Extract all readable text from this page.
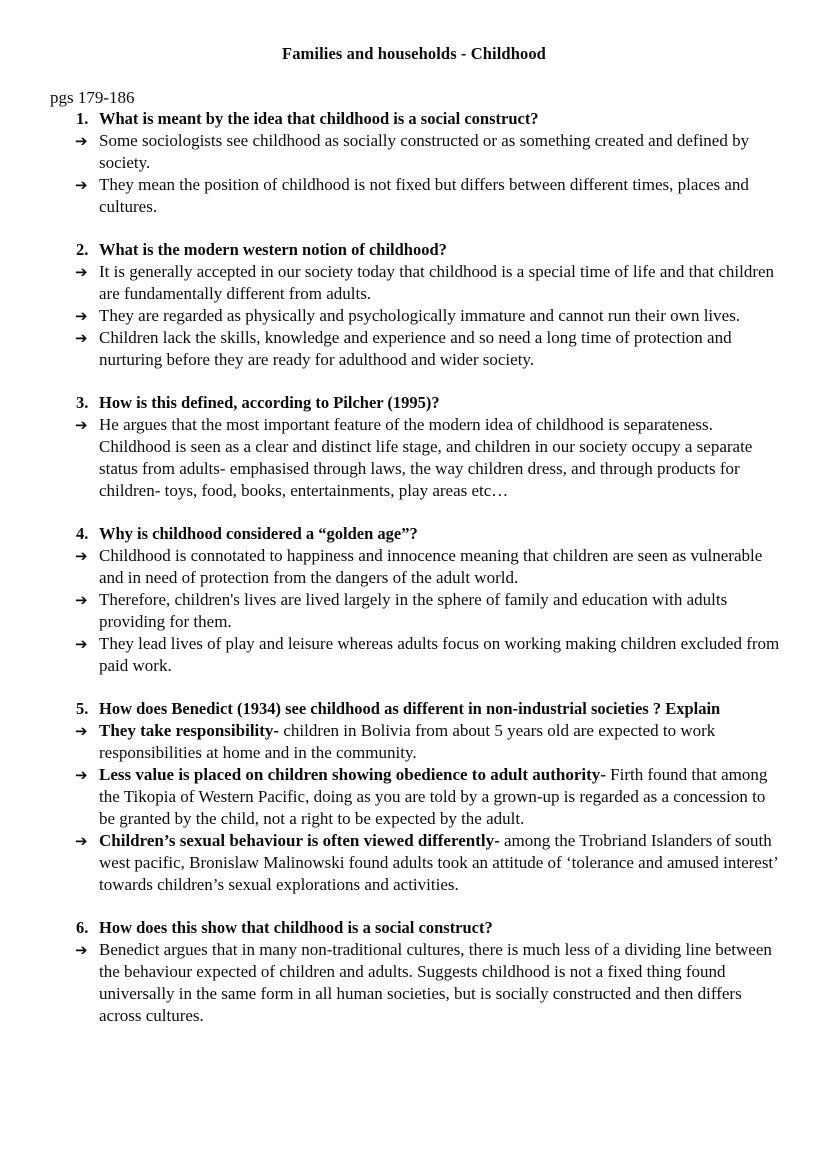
Families and households - Childhood

pgs 179-186

1. What is meant by the idea that childhood is a social construct?
➔ Some sociologists see childhood as socially constructed or as something created and defined by society.
➔ They mean the position of childhood is not fixed but differs between different times, places and cultures.
2. What is the modern western notion of childhood?
➔ It is generally accepted in our society today that childhood is a special time of life and that children are fundamentally different from adults.
➔ They are regarded as physically and psychologically immature and cannot run their own lives.
➔ Children lack the skills, knowledge and experience and so need a long time of protection and nurturing before they are ready for adulthood and wider society.
3. How is this defined, according to Pilcher (1995)?
➔ He argues that the most important feature of the modern idea of childhood is separateness. Childhood is seen as a clear and distinct life stage, and children in our society occupy a separate status from adults- emphasised through laws, the way children dress, and through products for children- toys, food, books, entertainments, play areas etc…
4. Why is childhood considered a “golden age”?
➔ Childhood is connotated to happiness and innocence meaning that children are seen as vulnerable and in need of protection from the dangers of the adult world.
➔ Therefore, children's lives are lived largely in the sphere of family and education with adults providing for them.
➔ They lead lives of play and leisure whereas adults focus on working making children excluded from paid work.
5. How does Benedict (1934) see childhood as different in non-industrial societies ? Explain
➔ They take responsibility- children in Bolivia from about 5 years old are expected to work responsibilities at home and in the community.
➔ Less value is placed on children showing obedience to adult authority- Firth found that among the Tikopia of Western Pacific, doing as you are told by a grown-up is regarded as a concession to be granted by the child, not a right to be expected by the adult.
➔ Children’s sexual behaviour is often viewed differently- among the Trobriand Islanders of south west pacific, Bronislaw Malinowski found adults took an attitude of ‘tolerance and amused interest’ towards children’s sexual explorations and activities.
6. How does this show that childhood is a social construct?
➔ Benedict argues that in many non-traditional cultures, there is much less of a dividing line between the behaviour expected of children and adults. Suggests childhood is not a fixed thing found universally in the same form in all human societies, but is socially constructed and then differs across cultures.
